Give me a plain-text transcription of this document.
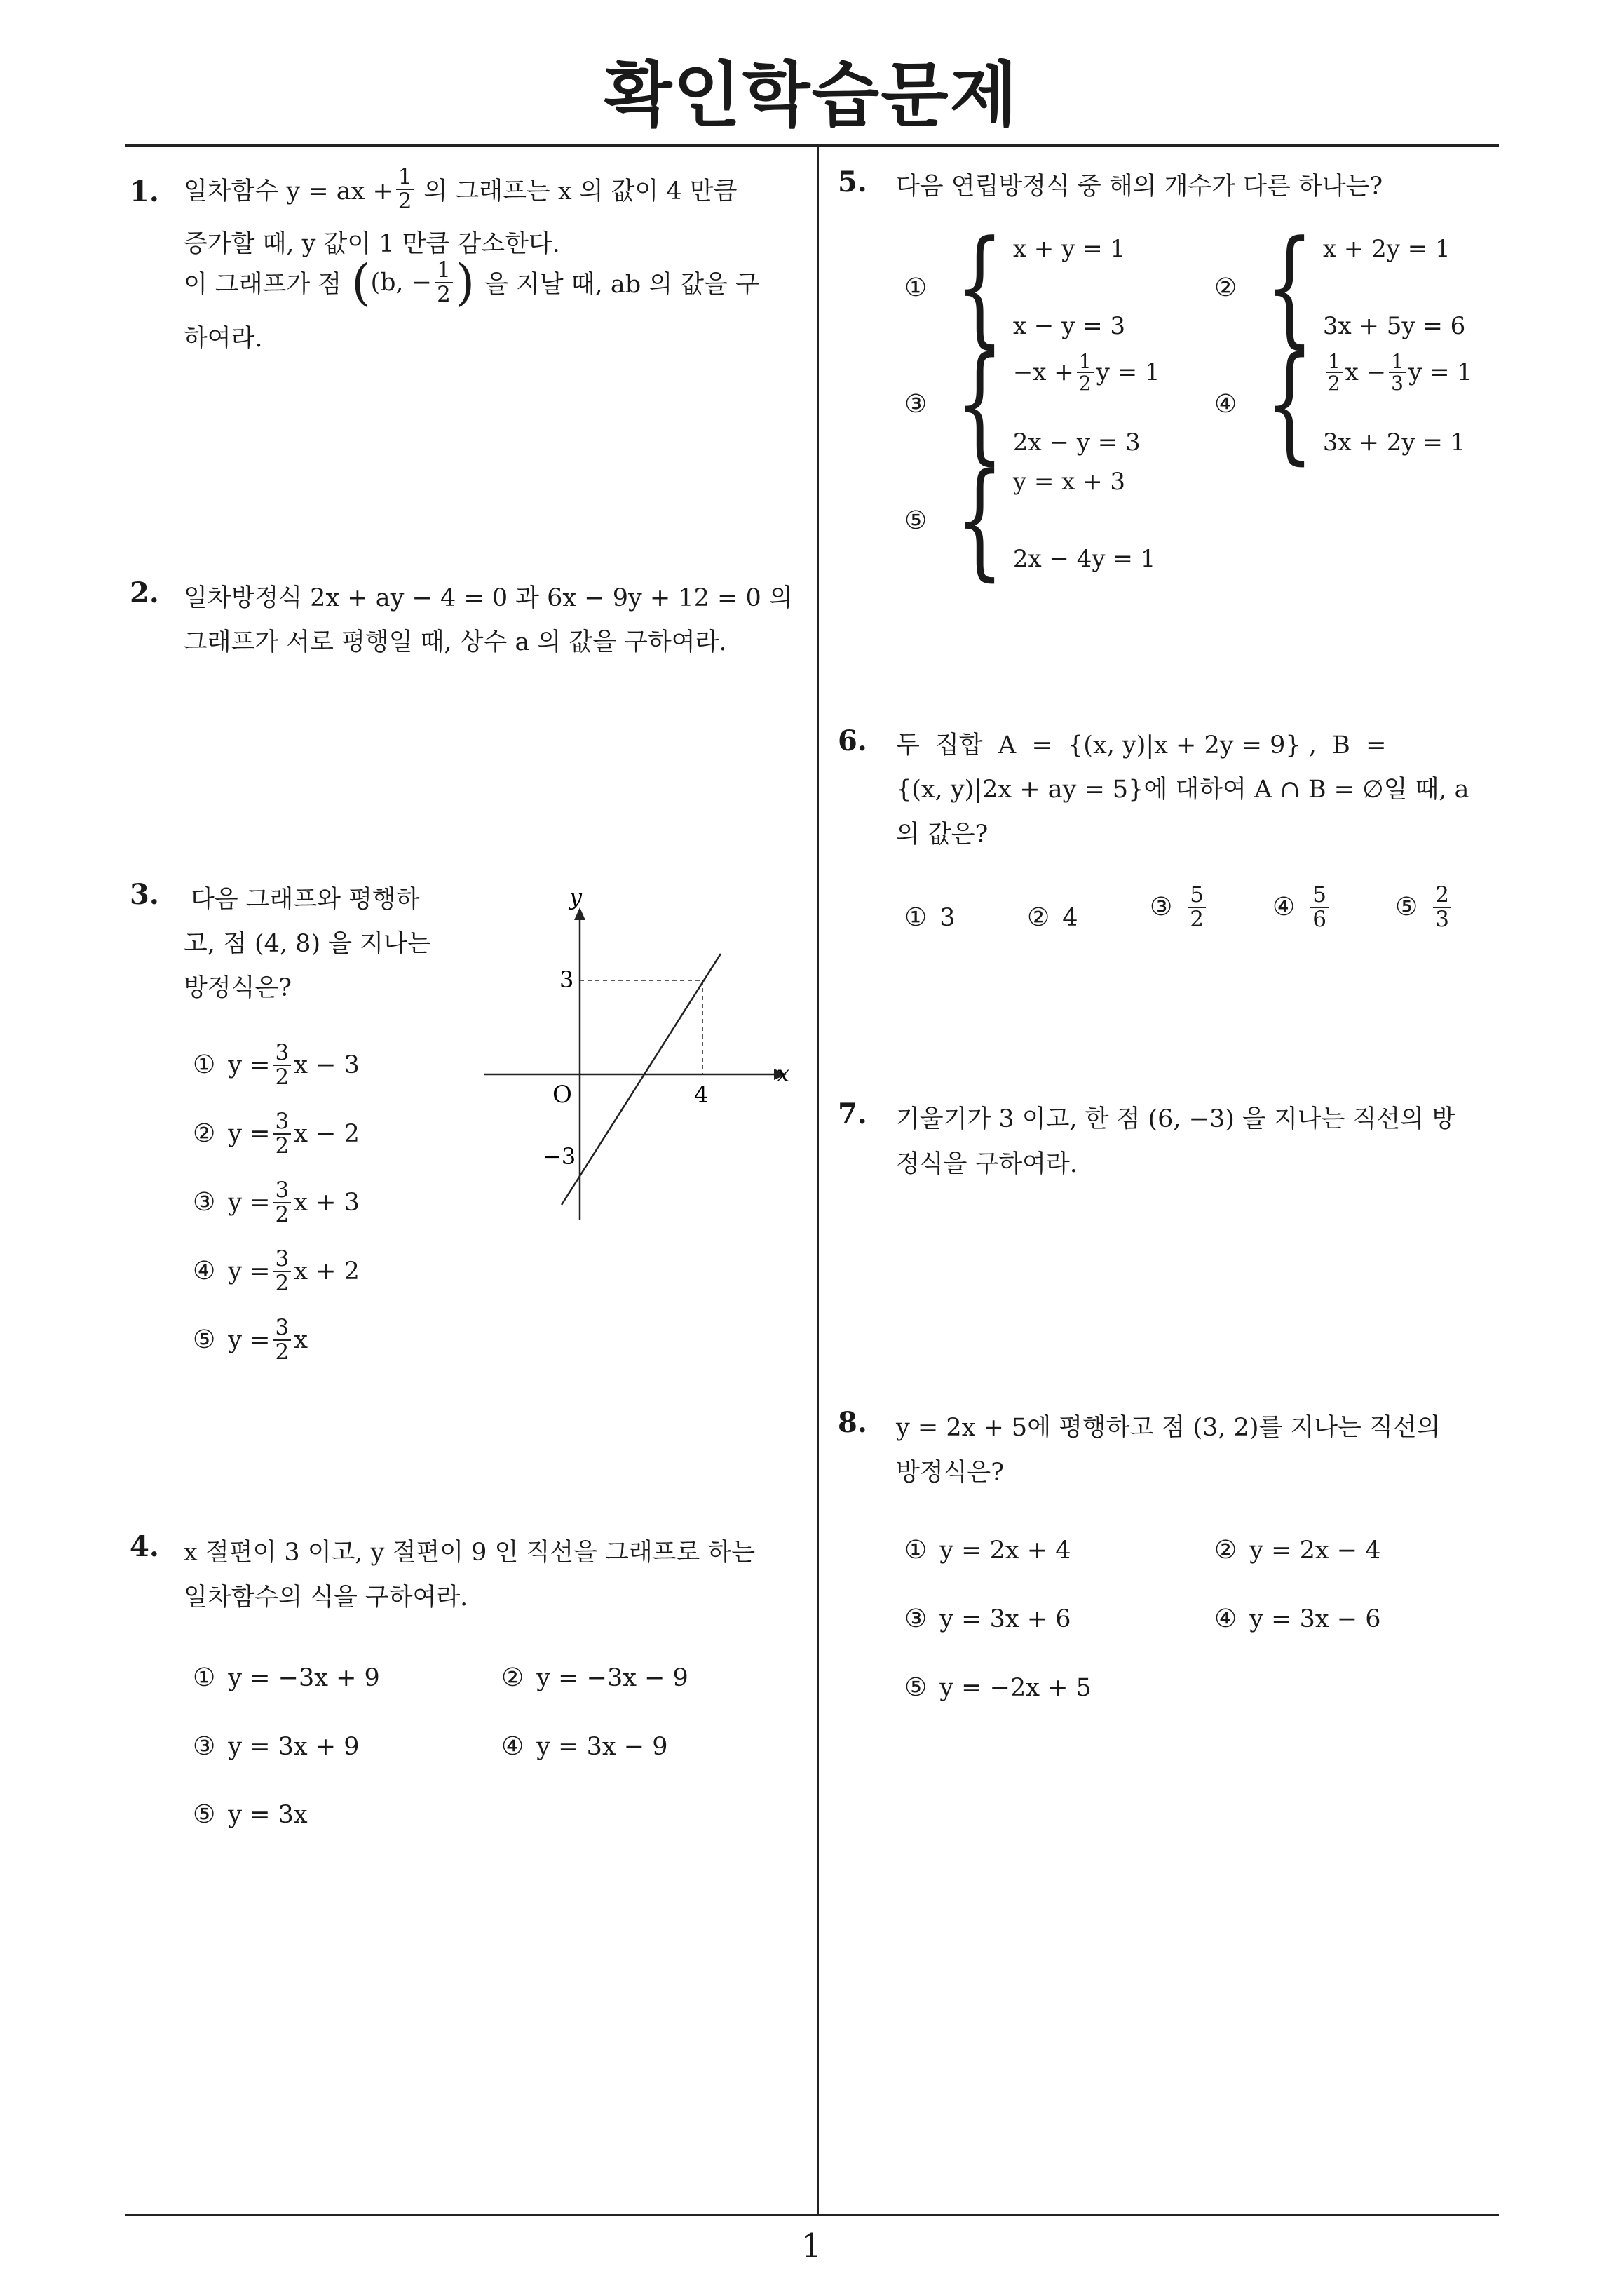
확인학습문제
1
1. 일차함수 y = ax + $\frac{1}{2}$ 의 그래프는 x 의 값이 4 만큼
증가할 때, y 값이 1 만큼 감소한다.
이 그래프가 점 ( (b, − $\frac{1}{2}$ ) 을 지날 때, ab 의 값을 구
하여라.
2. 일차방정식 2x + ay − 4 = 0 과 6x − 9y + 12 = 0 의
그래프가 서로 평행일 때, 상수 a 의 값을 구하여라.
3. 다음 그래프와 평행하
고, 점 (4, 8) 을 지나는
방정식은?
① $y = \frac{3}{2}$ x − 3
② $y = \frac{3}{2}$ x − 2
③ $y = \frac{3}{2}$ x + 3
④ $y = \frac{3}{2}$ x + 2
⑤ $y = \frac{3}{2}$ x
y
x
3
O	4
−3
4. x 절편이 3 이고, y 절편이 9 인 직선을 그래프로 하는
일차함수의 식을 구하여라.
① y = −3x + 9	② y = −3x − 9
③ y = 3x + 9	④ y = 3x − 9
⑤ y = 3x
5. 다음 연립방정식 중 해의 개수가 다른 하나는?
① { x + y = 1
x − y = 3
② { x + 2y = 1
3x + 5y = 6
③ { $-x + \frac{1}{2}$ y = 1
2x − y = 3
④ { $\frac{1}{2}$ $x - \frac{1}{3}$ y = 1
3x + 2y = 1
⑤ { y = x + 3
2x − 4y = 1
6. 두  집합  A  =  {(x, y)|x + 2y = 9} ,  B  =
{(x, y)|2x + ay = 5}에 대하여 A ∩ B = ∅일 때, a
의 값은?
① 3	② 4	③ $\frac{5}{2}$	④ $\frac{5}{6}$	⑤ $\frac{2}{3}$
7. 기울기가 3 이고, 한 점 (6, −3) 을 지나는 직선의 방
정식을 구하여라.
8. y = 2x + 5에 평행하고 점 (3, 2)를 지나는 직선의
방정식은?
① y = 2x + 4	② y = 2x − 4
③ y = 3x + 6	④ y = 3x − 6
⑤ y = −2x + 5
